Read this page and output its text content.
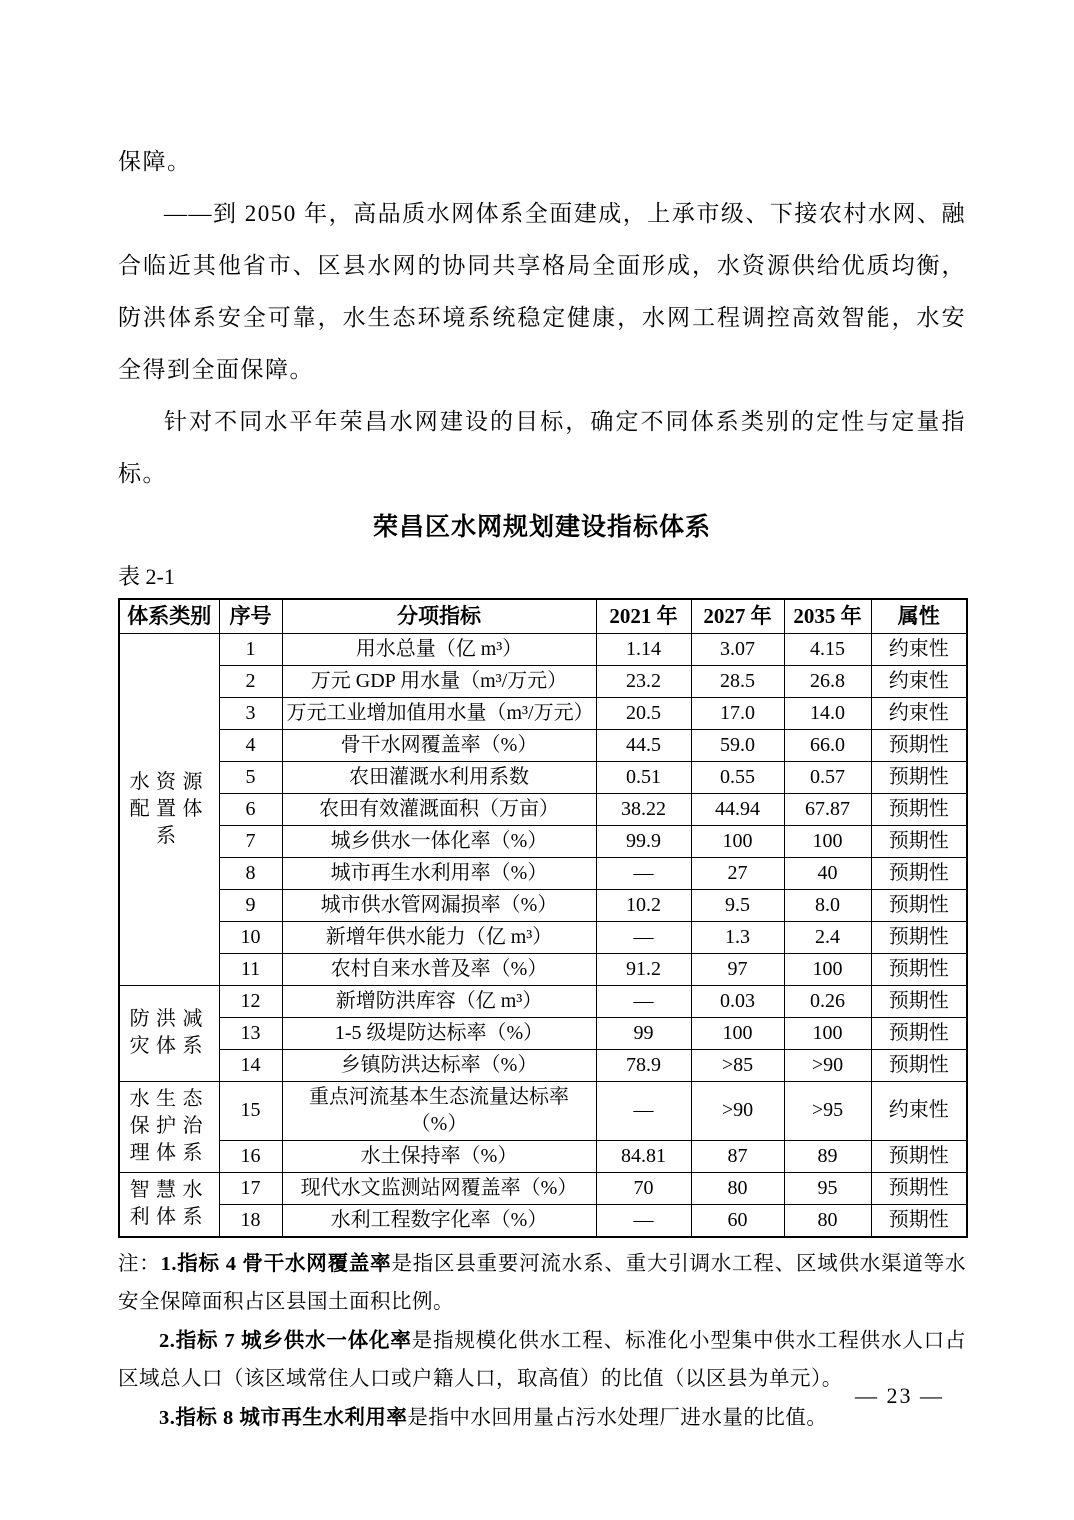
保障。
——到 2050 年，高品质水网体系全面建成，上承市级、下接农村水网、融合临近其他省市、区县水网的协同共享格局全面形成，水资源供给优质均衡，防洪体系安全可靠，水生态环境系统稳定健康，水网工程调控高效智能，水安全得到全面保障。
针对不同水平年荣昌水网建设的目标，确定不同体系类别的定性与定量指标。
荣昌区水网规划建设指标体系
表 2-1
体系类别	序号	分项指标	2021 年	2027 年	2035 年	属性
水资源配置体系	1	用水总量（亿 m³）	1.14	3.07	4.15	约束性
	2	万元 GDP 用水量（m³/万元）	23.2	28.5	26.8	约束性
	3	万元工业增加值用水量（m³/万元）	20.5	17.0	14.0	约束性
	4	骨干水网覆盖率（%）	44.5	59.0	66.0	预期性
	5	农田灌溉水利用系数	0.51	0.55	0.57	预期性
	6	农田有效灌溉面积（万亩）	38.22	44.94	67.87	预期性
	7	城乡供水一体化率（%）	99.9	100	100	预期性
	8	城市再生水利用率（%）	—	27	40	预期性
	9	城市供水管网漏损率（%）	10.2	9.5	8.0	预期性
	10	新增年供水能力（亿 m³）	—	1.3	2.4	预期性
	11	农村自来水普及率（%）	91.2	97	100	预期性
防洪减灾体系	12	新增防洪库容（亿 m³）	—	0.03	0.26	预期性
	13	1-5 级堤防达标率（%）	99	100	100	预期性
	14	乡镇防洪达标率（%）	78.9	>85	>90	预期性
水生态保护治理体系	15	重点河流基本生态流量达标率（%）	—	>90	>95	约束性
	16	水土保持率（%）	84.81	87	89	预期性
智慧水利体系	17	现代水文监测站网覆盖率（%）	70	80	95	预期性
	18	水利工程数字化率（%）	—	60	80	预期性
注：1.指标 4 骨干水网覆盖率是指区县重要河流水系、重大引调水工程、区域供水渠道等水安全保障面积占区县国土面积比例。
2.指标 7 城乡供水一体化率是指规模化供水工程、标准化小型集中供水工程供水人口占区域总人口（该区域常住人口或户籍人口，取高值）的比值（以区县为单元）。
3.指标 8 城市再生水利用率是指中水回用量占污水处理厂进水量的比值。
— 23 —
